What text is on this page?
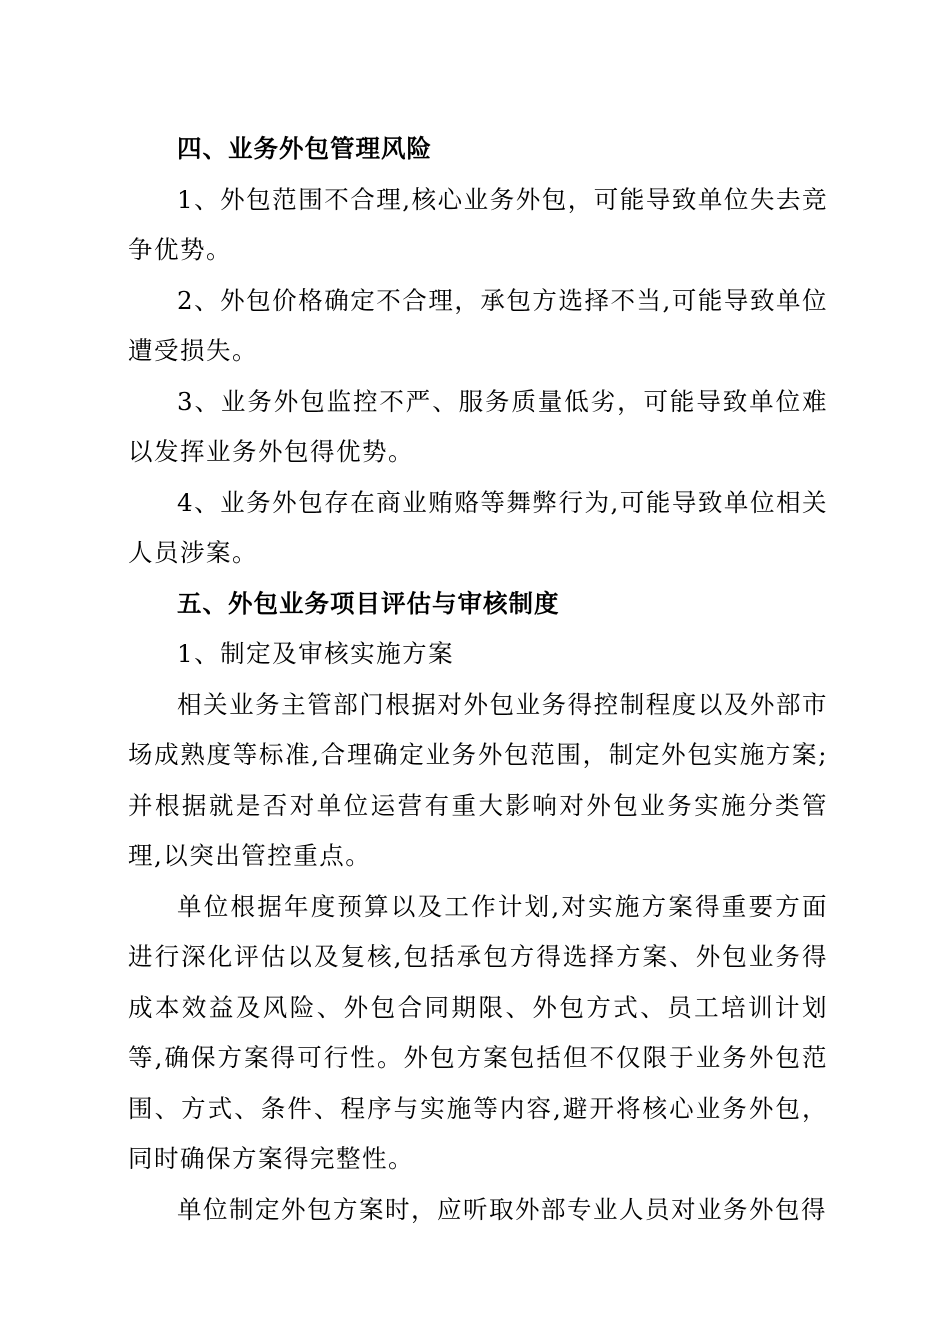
四、业务外包管理风险

1、外包范围不合理,核心业务外包，可能导致单位失去竞争优势。

2、外包价格确定不合理，承包方选择不当,可能导致单位遭受损失。

3、业务外包监控不严、服务质量低劣，可能导致单位难以发挥业务外包得优势。

4、业务外包存在商业贿赂等舞弊行为,可能导致单位相关人员涉案。

五、外包业务项目评估与审核制度

1、制定及审核实施方案

相关业务主管部门根据对外包业务得控制程度以及外部市场成熟度等标准,合理确定业务外包范围，制定外包实施方案;并根据就是否对单位运营有重大影响对外包业务实施分类管理,以突出管控重点。

单位根据年度预算以及工作计划,对实施方案得重要方面进行深化评估以及复核,包括承包方得选择方案、外包业务得成本效益及风险、外包合同期限、外包方式、员工培训计划等,确保方案得可行性。外包方案包括但不仅限于业务外包范围、方式、条件、程序与实施等内容,避开将核心业务外包，同时确保方案得完整性。

单位制定外包方案时，应听取外部专业人员对业务外包得
